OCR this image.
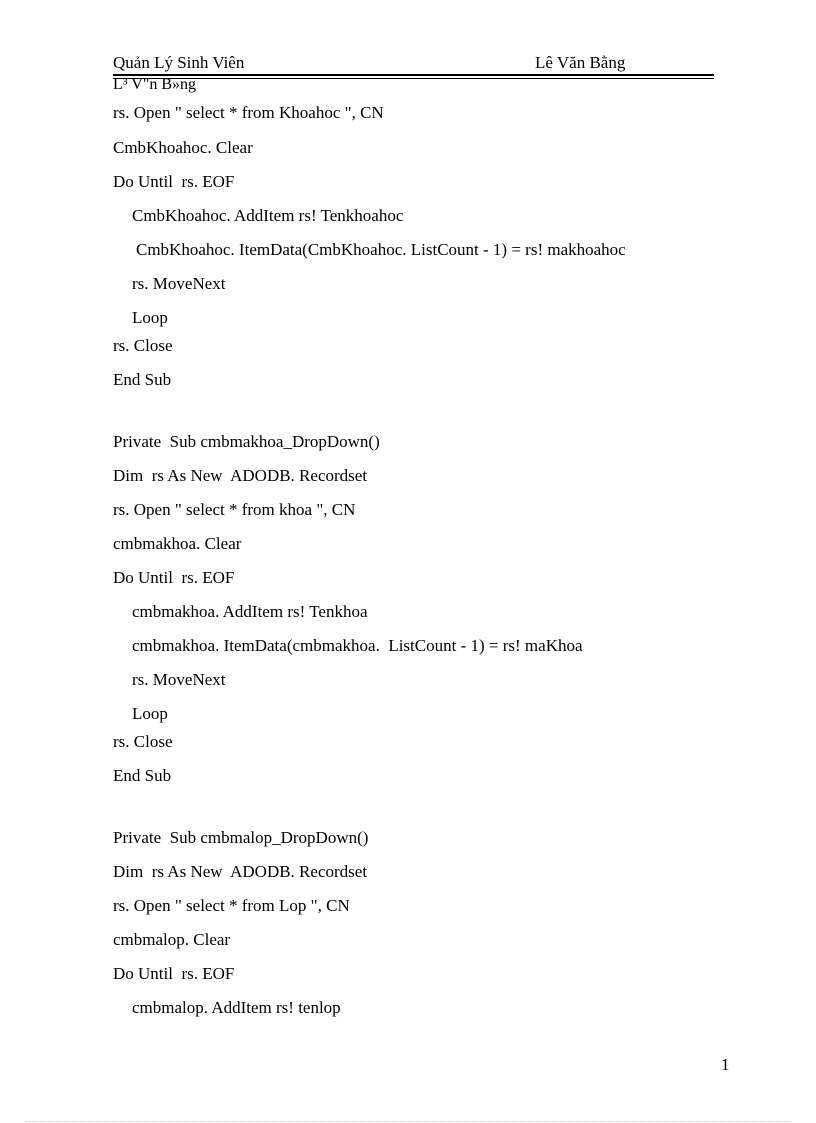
Quản Lý Sinh Viên	Lê Văn Bằng
L³ V"n B»ng
rs. Open " select * from Khoahoc ", CN
CmbKhoahoc. Clear
Do Until  rs. EOF
CmbKhoahoc. AddItem rs! Tenkhoahoc
CmbKhoahoc. ItemData(CmbKhoahoc. ListCount - 1) = rs! makhoahoc
rs. MoveNext
Loop
rs. Close
End Sub
Private  Sub cmbmakhoa_DropDown()
Dim  rs As New  ADODB. Recordset
rs. Open " select * from khoa ", CN
cmbmakhoa. Clear
Do Until  rs. EOF
cmbmakhoa. AddItem rs! Tenkhoa
cmbmakhoa. ItemData(cmbmakhoa.  ListCount - 1) = rs! maKhoa
rs. MoveNext
Loop
rs. Close
End Sub
Private  Sub cmbmalop_DropDown()
Dim  rs As New  ADODB. Recordset
rs. Open " select * from Lop ", CN
cmbmalop. Clear
Do Until  rs. EOF
cmbmalop. AddItem rs! tenlop
1
